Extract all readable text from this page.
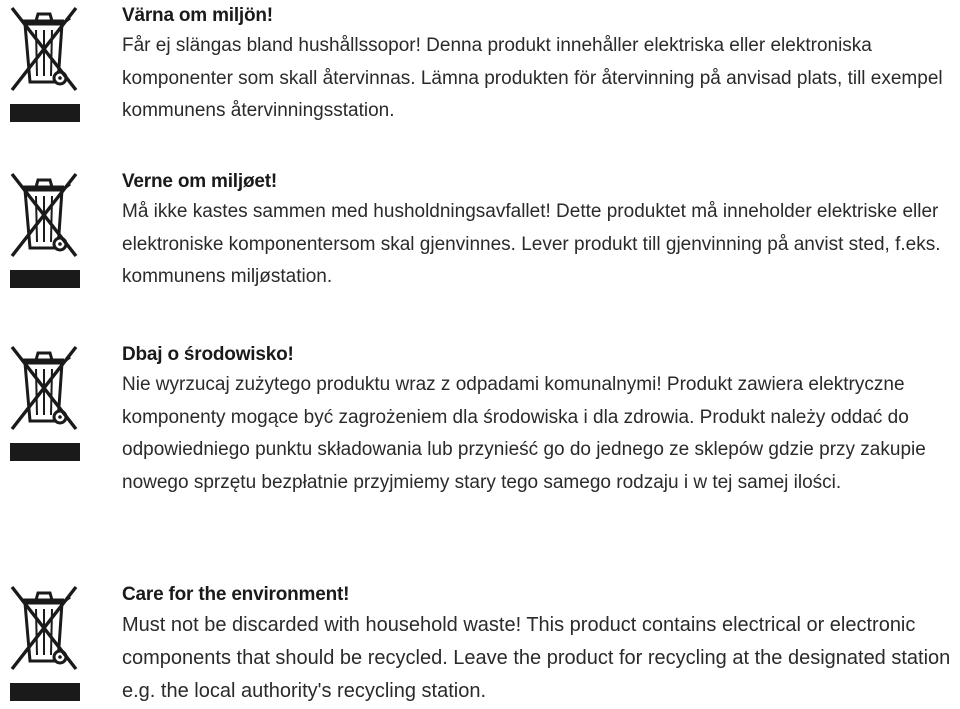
Värna om miljön!

Får ej slängas bland hushållssopor! Denna produkt innehåller elektriska eller elektroniska komponenter som skall återvinnas. Lämna produkten för återvinning på anvisad plats, till exempel kommunens återvinningsstation.

Verne om miljøet!

Må ikke kastes sammen med husholdningsavfallet! Dette produktet må inneholder elektriske eller elektroniske komponentersom skal gjenvinnes. Lever produkt till gjenvinning på anvist sted, f.eks. kommunens miljøstation.

Dbaj o środowisko!

Nie wyrzucaj zużytego produktu wraz z odpadami komunalnymi! Produkt zawiera elektryczne komponenty mogące być zagrożeniem dla środowiska i dla zdrowia. Produkt należy oddać do odpowiedniego punktu składowania lub przynieść go do jednego ze sklepów gdzie przy zakupie nowego sprzętu bezpłatnie przyjmiemy stary tego samego rodzaju i w tej samej ilości.

Care for the environment!

Must not be discarded with household waste! This product contains electrical or electronic components that should be recycled. Leave the product for recycling at the designated station e.g. the local authority's recycling station.
